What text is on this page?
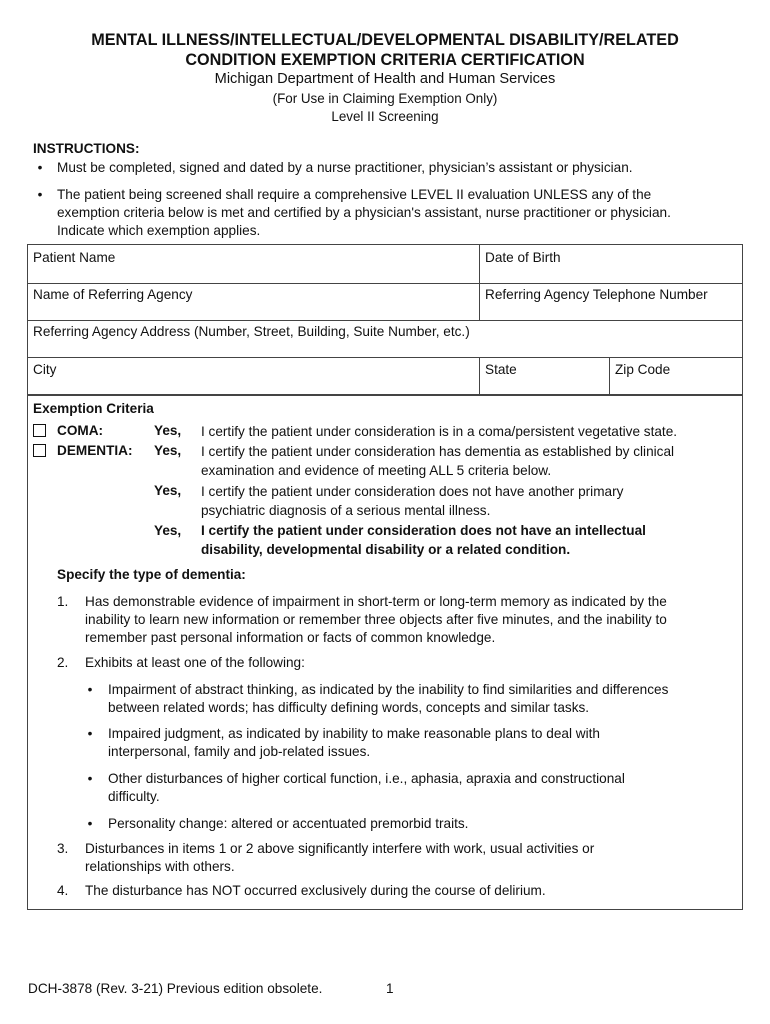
MENTAL ILLNESS/INTELLECTUAL/DEVELOPMENTAL DISABILITY/RELATED
CONDITION EXEMPTION CRITERIA CERTIFICATION
Michigan Department of Health and Human Services
(For Use in Claiming Exemption Only)
Level II Screening
INSTRUCTIONS:
• Must be completed, signed and dated by a nurse practitioner, physician’s assistant or physician.
• The patient being screened shall require a comprehensive LEVEL II evaluation UNLESS any of the
exemption criteria below is met and certified by a physician's assistant, nurse practitioner or physician.
Indicate which exemption applies.
Patient Name	Date of Birth
Name of Referring Agency	Referring Agency Telephone Number
Referring Agency Address (Number, Street, Building, Suite Number, etc.)
City	State	Zip Code
Exemption Criteria
COMA:	Yes, I certify the patient under consideration is in a coma/persistent vegetative state.
DEMENTIA: Yes, I certify the patient under consideration has dementia as established by clinical
examination and evidence of meeting ALL 5 criteria below.
Yes, I certify the patient under consideration does not have another primary
psychiatric diagnosis of a serious mental illness.
Yes, I certify the patient under consideration does not have an intellectual
disability, developmental disability or a related condition.
Specify the type of dementia:
1. Has demonstrable evidence of impairment in short-term or long-term memory as indicated by the
inability to learn new information or remember three objects after five minutes, and the inability to
remember past personal information or facts of common knowledge.
2. Exhibits at least one of the following:
• Impairment of abstract thinking, as indicated by the inability to find similarities and differences
between related words; has difficulty defining words, concepts and similar tasks.
• Impaired judgment, as indicated by inability to make reasonable plans to deal with
interpersonal, family and job-related issues.
• Other disturbances of higher cortical function, i.e., aphasia, apraxia and constructional
difficulty.
• Personality change: altered or accentuated premorbid traits.
3. Disturbances in items 1 or 2 above significantly interfere with work, usual activities or
relationships with others.
4. The disturbance has NOT occurred exclusively during the course of delirium.
DCH-3878 (Rev. 3-21) Previous edition obsolete.	1
